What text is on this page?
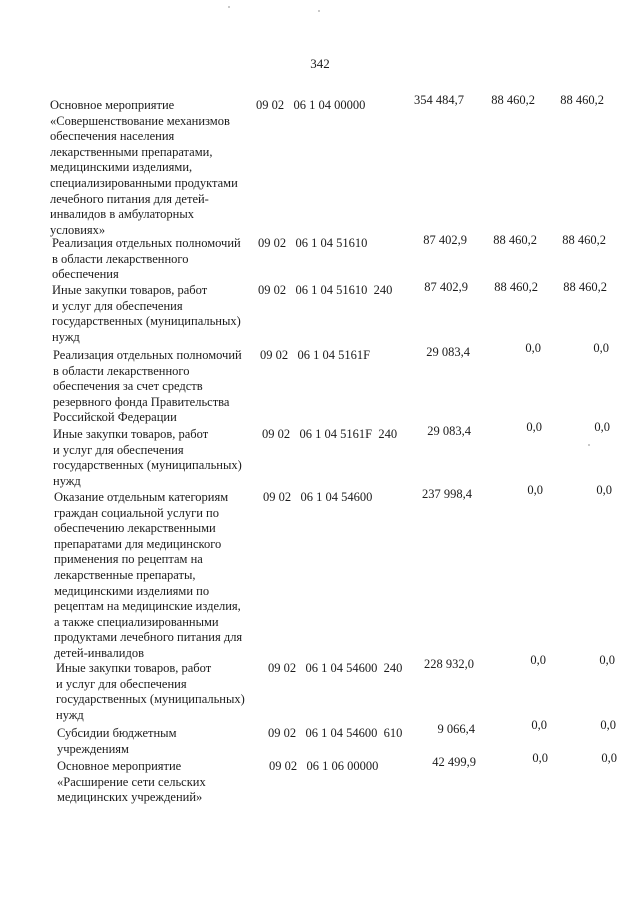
342
Основное мероприятие
«Совершенствование механизмов
обеспечения населения
лекарственными препаратами,
медицинскими изделиями,
специализированными продуктами
лечебного питания для детей-
инвалидов в амбулаторных
условиях»
09 02   06 1 04 00000	354 484,7	88 460,2	88 460,2
Реализация отдельных полномочий
в области лекарственного
обеспечения
09 02   06 1 04 51610	87 402,9	88 460,2	88 460,2
Иные закупки товаров, работ
и услуг для обеспечения
государственных (муниципальных)
нужд
09 02   06 1 04 51610  240	87 402,9	88 460,2	88 460,2
Реализация отдельных полномочий
в области лекарственного
обеспечения за счет средств
резервного фонда Правительства
Российской Федерации
09 02   06 1 04 5161F	29 083,4	0,0	0,0
Иные закупки товаров, работ
и услуг для обеспечения
государственных (муниципальных)
нужд
09 02   06 1 04 5161F  240	29 083,4	0,0	0,0
Оказание отдельным категориям
граждан социальной услуги по
обеспечению лекарственными
препаратами для медицинского
применения по рецептам на
лекарственные препараты,
медицинскими изделиями по
рецептам на медицинские изделия,
а также специализированными
продуктами лечебного питания для
детей-инвалидов
09 02   06 1 04 54600	237 998,4	0,0	0,0
Иные закупки товаров, работ
и услуг для обеспечения
государственных (муниципальных)
нужд
09 02   06 1 04 54600  240	228 932,0	0,0	0,0
Субсидии бюджетным
учреждениям
09 02   06 1 04 54600  610	9 066,4	0,0	0,0
Основное мероприятие
«Расширение сети сельских
медицинских учреждений»
09 02   06 1 06 00000	42 499,9	0,0	0,0
